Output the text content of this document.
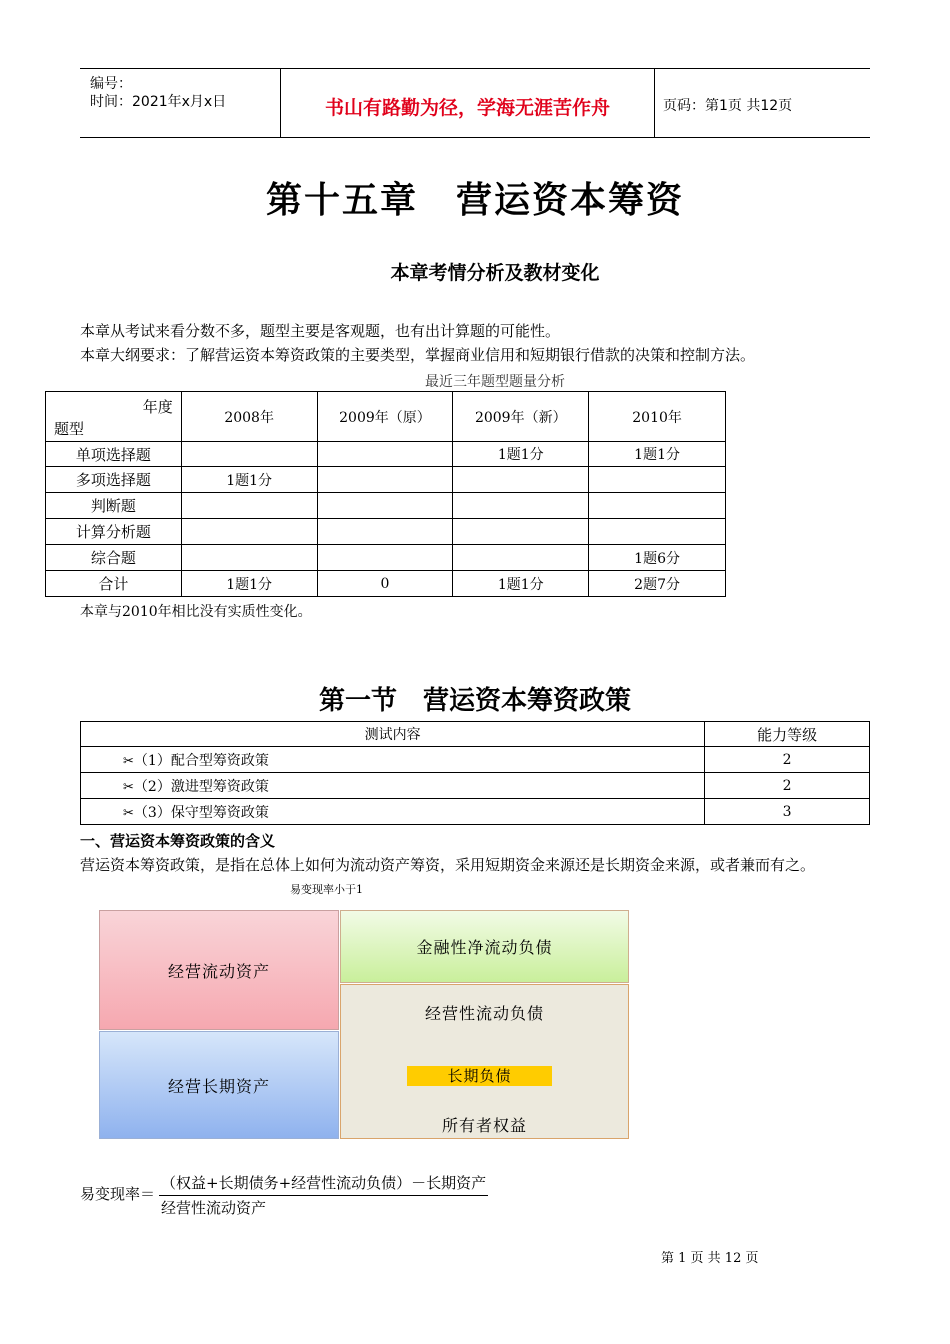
编号：
时间：2021年x月x日	书山有路勤为径，学海无涯苦作舟	页码：第1页 共12页
第十五章　营运资本筹资
本章考情分析及教材变化
本章从考试来看分数不多，题型主要是客观题，也有出计算题的可能性。
本章大纲要求：了解营运资本筹资政策的主要类型，掌握商业信用和短期银行借款的决策和控制方法。
最近三年题型题量分析
年度
题型	2008年	2009年（原）	2009年（新）	2010年
单项选择题			1题1分	1题1分
多项选择题	1题1分			
判断题				
计算分析题				
综合题				1题6分
合计	1题1分	0	1题1分	2题7分
本章与2010年相比没有实质性变化。
第一节　营运资本筹资政策
测试内容	能力等级
✂（1）配合型筹资政策	2
✂（2）激进型筹资政策	2
✂（3）保守型筹资政策	3
一、营运资本筹资政策的含义
营运资本筹资政策，是指在总体上如何为流动资产筹资，采用短期资金来源还是长期资金来源，或者兼而有之。
易变现率小于1
经营流动资产
经营长期资产
金融性净流动负债
经营性流动负债
长期负债
所有者权益
易变现率＝
（权益+长期债务+经营性流动负债）－长期资产
经营性流动资产
第 1 页 共 12 页
